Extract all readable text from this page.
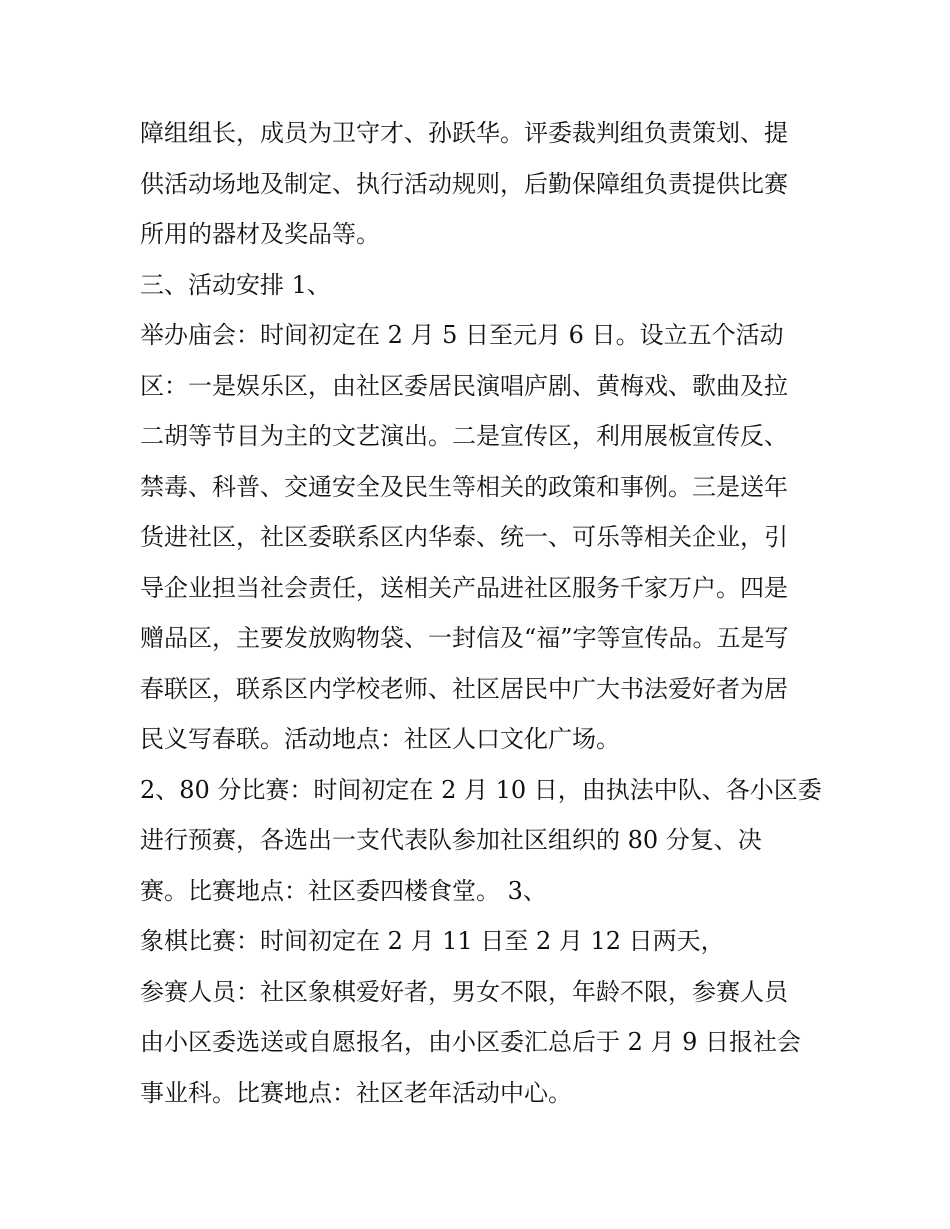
障组组长，成员为卫守才、孙跃华。评委裁判组负责策划、提
供活动场地及制定、执行活动规则，后勤保障组负责提供比赛
所用的器材及奖品等。
三、活动安排 1、
举办庙会：时间初定在 2 月 5 日至元月 6 日。设立五个活动
区：一是娱乐区，由社区委居民演唱庐剧、黄梅戏、歌曲及拉
二胡等节目为主的文艺演出。二是宣传区，利用展板宣传反、
禁毒、科普、交通安全及民生等相关的政策和事例。三是送年
货进社区，社区委联系区内华泰、统一、可乐等相关企业，引
导企业担当社会责任，送相关产品进社区服务千家万户。四是
赠品区，主要发放购物袋、一封信及“福”字等宣传品。五是写
春联区，联系区内学校老师、社区居民中广大书法爱好者为居
民义写春联。活动地点：社区人口文化广场。
2、80 分比赛：时间初定在 2 月 10 日，由执法中队、各小区委
进行预赛，各选出一支代表队参加社区组织的 80 分复、决
赛。比赛地点：社区委四楼食堂。 3、
象棋比赛：时间初定在 2 月 11 日至 2 月 12 日两天，
参赛人员：社区象棋爱好者，男女不限，年龄不限，参赛人员
由小区委选送或自愿报名，由小区委汇总后于 2 月 9 日报社会
事业科。比赛地点：社区老年活动中心。
